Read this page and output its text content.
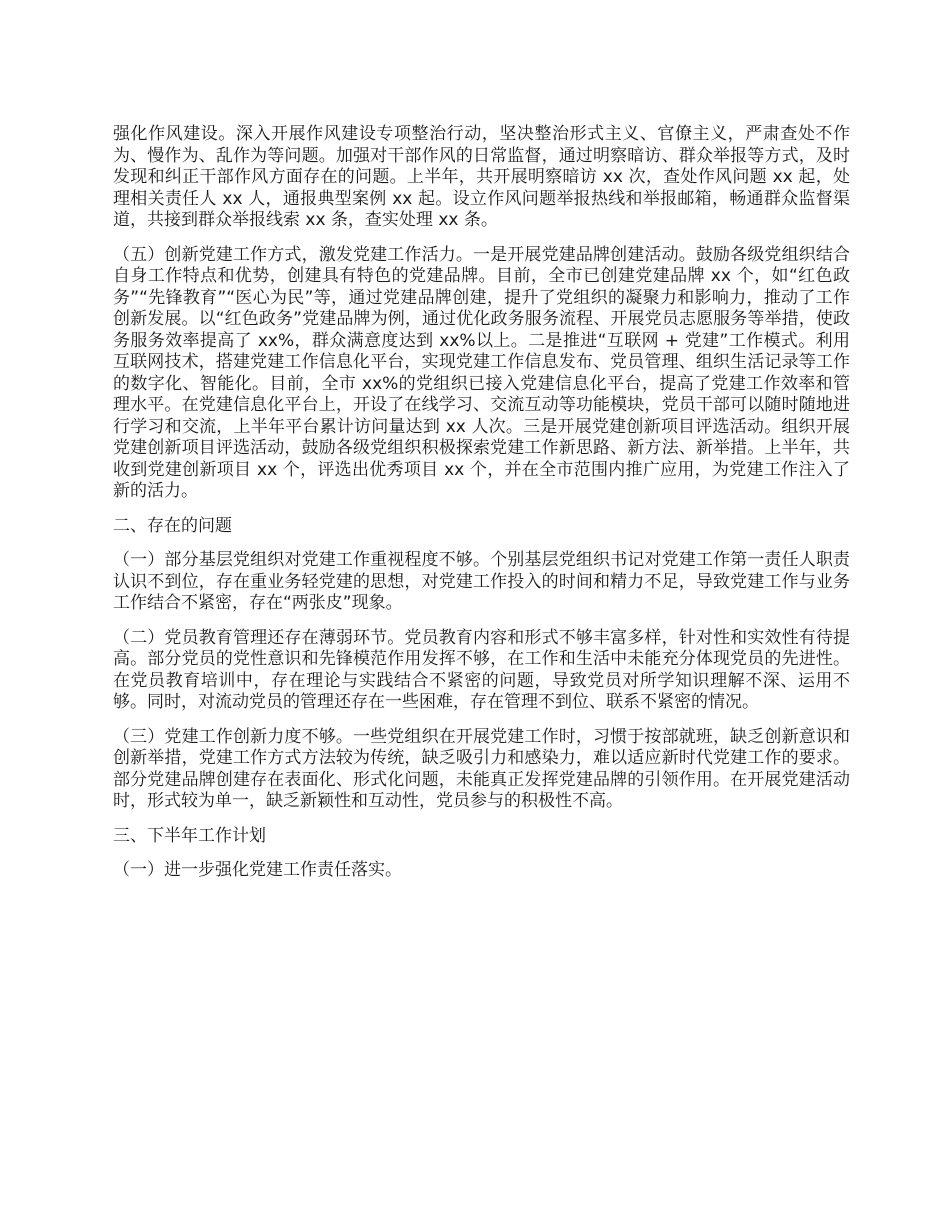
强化作风建设。深入开展作风建设专项整治行动，坚决整治形式主义、官僚主义，严肃查处不作为、慢作为、乱作为等问题。加强对干部作风的日常监督，通过明察暗访、群众举报等方式，及时发现和纠正干部作风方面存在的问题。上半年，共开展明察暗访 xx 次，查处作风问题 xx 起，处理相关责任人 xx 人，通报典型案例 xx 起。设立作风问题举报热线和举报邮箱，畅通群众监督渠道，共接到群众举报线索 xx 条，查实处理 xx 条。

（五）创新党建工作方式，激发党建工作活力。一是开展党建品牌创建活动。鼓励各级党组织结合自身工作特点和优势，创建具有特色的党建品牌。目前，全市已创建党建品牌 xx 个，如“红色政务”“先锋教育”“医心为民”等，通过党建品牌创建，提升了党组织的凝聚力和影响力，推动了工作创新发展。以“红色政务”党建品牌为例，通过优化政务服务流程、开展党员志愿服务等举措，使政务服务效率提高了 xx%，群众满意度达到 xx%以上。二是推进“互联网 + 党建”工作模式。利用互联网技术，搭建党建工作信息化平台，实现党建工作信息发布、党员管理、组织生活记录等工作的数字化、智能化。目前，全市 xx%的党组织已接入党建信息化平台，提高了党建工作效率和管理水平。在党建信息化平台上，开设了在线学习、交流互动等功能模块，党员干部可以随时随地进行学习和交流，上半年平台累计访问量达到 xx 人次。三是开展党建创新项目评选活动。组织开展党建创新项目评选活动，鼓励各级党组织积极探索党建工作新思路、新方法、新举措。上半年，共收到党建创新项目 xx 个，评选出优秀项目 xx 个，并在全市范围内推广应用，为党建工作注入了新的活力。

二、存在的问题

（一）部分基层党组织对党建工作重视程度不够。个别基层党组织书记对党建工作第一责任人职责认识不到位，存在重业务轻党建的思想，对党建工作投入的时间和精力不足，导致党建工作与业务工作结合不紧密，存在“两张皮”现象。

（二）党员教育管理还存在薄弱环节。党员教育内容和形式不够丰富多样，针对性和实效性有待提高。部分党员的党性意识和先锋模范作用发挥不够，在工作和生活中未能充分体现党员的先进性。在党员教育培训中，存在理论与实践结合不紧密的问题，导致党员对所学知识理解不深、运用不够。同时，对流动党员的管理还存在一些困难，存在管理不到位、联系不紧密的情况。

（三）党建工作创新力度不够。一些党组织在开展党建工作时，习惯于按部就班，缺乏创新意识和创新举措，党建工作方式方法较为传统，缺乏吸引力和感染力，难以适应新时代党建工作的要求。部分党建品牌创建存在表面化、形式化问题，未能真正发挥党建品牌的引领作用。在开展党建活动时，形式较为单一，缺乏新颖性和互动性，党员参与的积极性不高。

三、下半年工作计划

（一）进一步强化党建工作责任落实。
